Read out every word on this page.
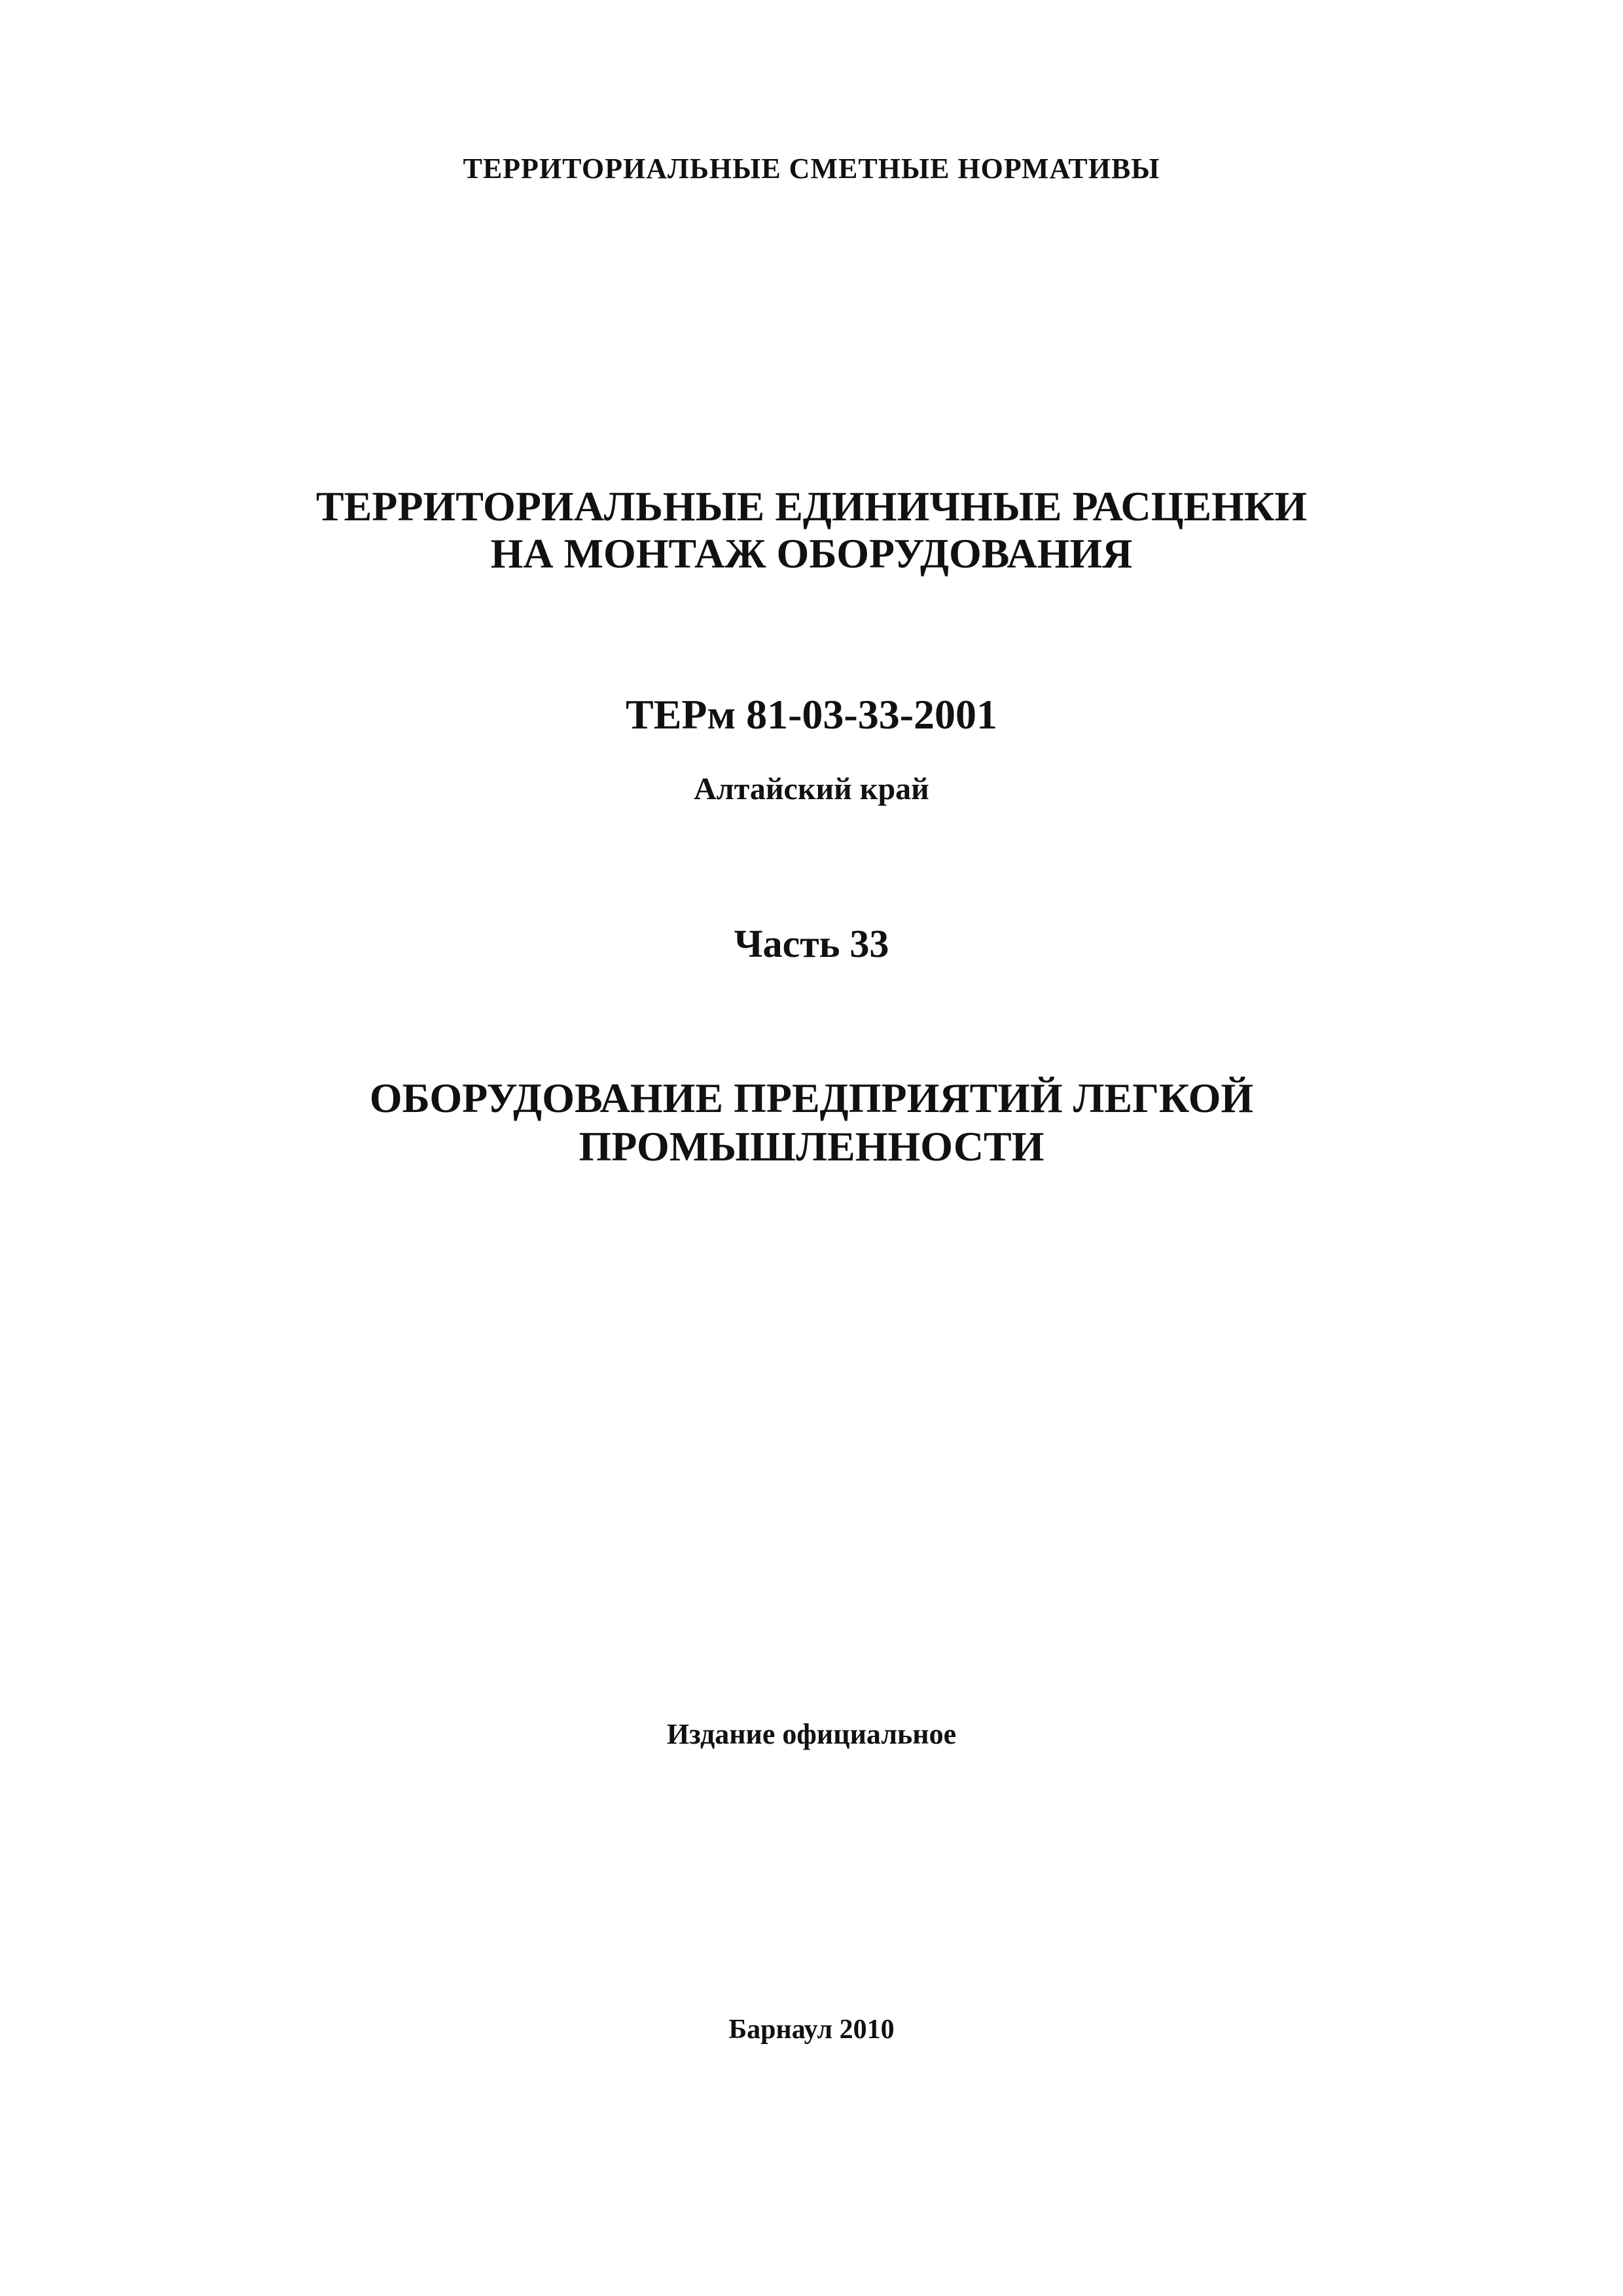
ТЕРРИТОРИАЛЬНЫЕ СМЕТНЫЕ НОРМАТИВЫ
ТЕРРИТОРИАЛЬНЫЕ ЕДИНИЧНЫЕ РАСЦЕНКИ
НА МОНТАЖ ОБОРУДОВАНИЯ
ТЕРм 81-03-33-2001
Алтайский край
Часть 33
ОБОРУДОВАНИЕ ПРЕДПРИЯТИЙ ЛЕГКОЙ
ПРОМЫШЛЕННОСТИ
Издание официальное
Барнаул 2010
